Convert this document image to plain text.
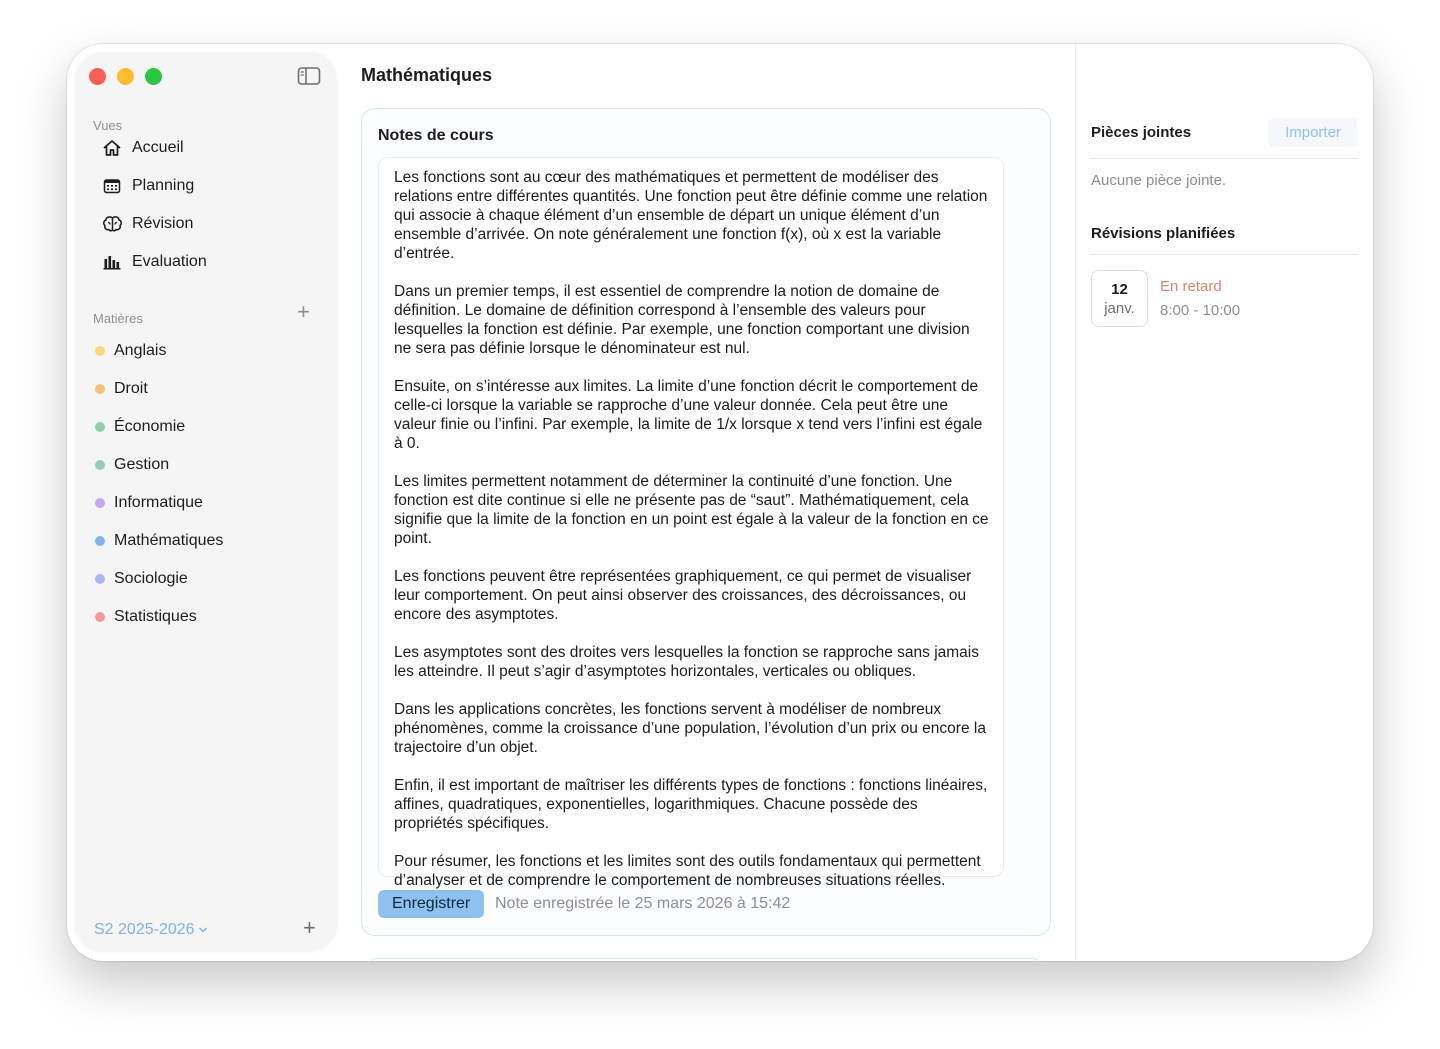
Vues
Accueil
Planning
Révision
Evaluation
Matières	+
Anglais
Droit
Économie
Gestion
Informatique
Mathématiques
Sociologie
Statistiques
S2 2025-2026	+
Mathématiques
Notes de cours

Les fonctions sont au cœur des mathématiques et permettent de modéliser des relations entre différentes quantités. Une fonction peut être définie comme une relation qui associe à chaque élément d’un ensemble de départ un unique élément d’un ensemble d’arrivée. On note généralement une fonction f(x), où x est la variable d’entrée.

Dans un premier temps, il est essentiel de comprendre la notion de domaine de définition. Le domaine de définition correspond à l’ensemble des valeurs pour lesquelles la fonction est définie. Par exemple, une fonction comportant une division ne sera pas définie lorsque le dénominateur est nul.

Ensuite, on s’intéresse aux limites. La limite d’une fonction décrit le comportement de celle-ci lorsque la variable se rapproche d’une valeur donnée. Cela peut être une valeur finie ou l’infini. Par exemple, la limite de 1/x lorsque x tend vers l’infini est égale à 0.

Les limites permettent notamment de déterminer la continuité d’une fonction. Une fonction est dite continue si elle ne présente pas de “saut”. Mathématiquement, cela signifie que la limite de la fonction en un point est égale à la valeur de la fonction en ce point.

Les fonctions peuvent être représentées graphiquement, ce qui permet de visualiser leur comportement. On peut ainsi observer des croissances, des décroissances, ou encore des asymptotes.

Les asymptotes sont des droites vers lesquelles la fonction se rapproche sans jamais les atteindre. Il peut s’agir d’asymptotes horizontales, verticales ou obliques.

Dans les applications concrètes, les fonctions servent à modéliser de nombreux phénomènes, comme la croissance d’une population, l’évolution d’un prix ou encore la trajectoire d’un objet.

Enfin, il est important de maîtriser les différents types de fonctions : fonctions linéaires, affines, quadratiques, exponentielles, logarithmiques. Chacune possède des propriétés spécifiques.

Pour résumer, les fonctions et les limites sont des outils fondamentaux qui permettent d’analyser et de comprendre le comportement de nombreuses situations réelles.

Enregistrer	Note enregistrée le 25 mars 2026 à 15:42
Pièces jointes	Importer
Aucune pièce jointe.
Révisions planifiées
12
janv.
En retard
8:00 - 10:00
